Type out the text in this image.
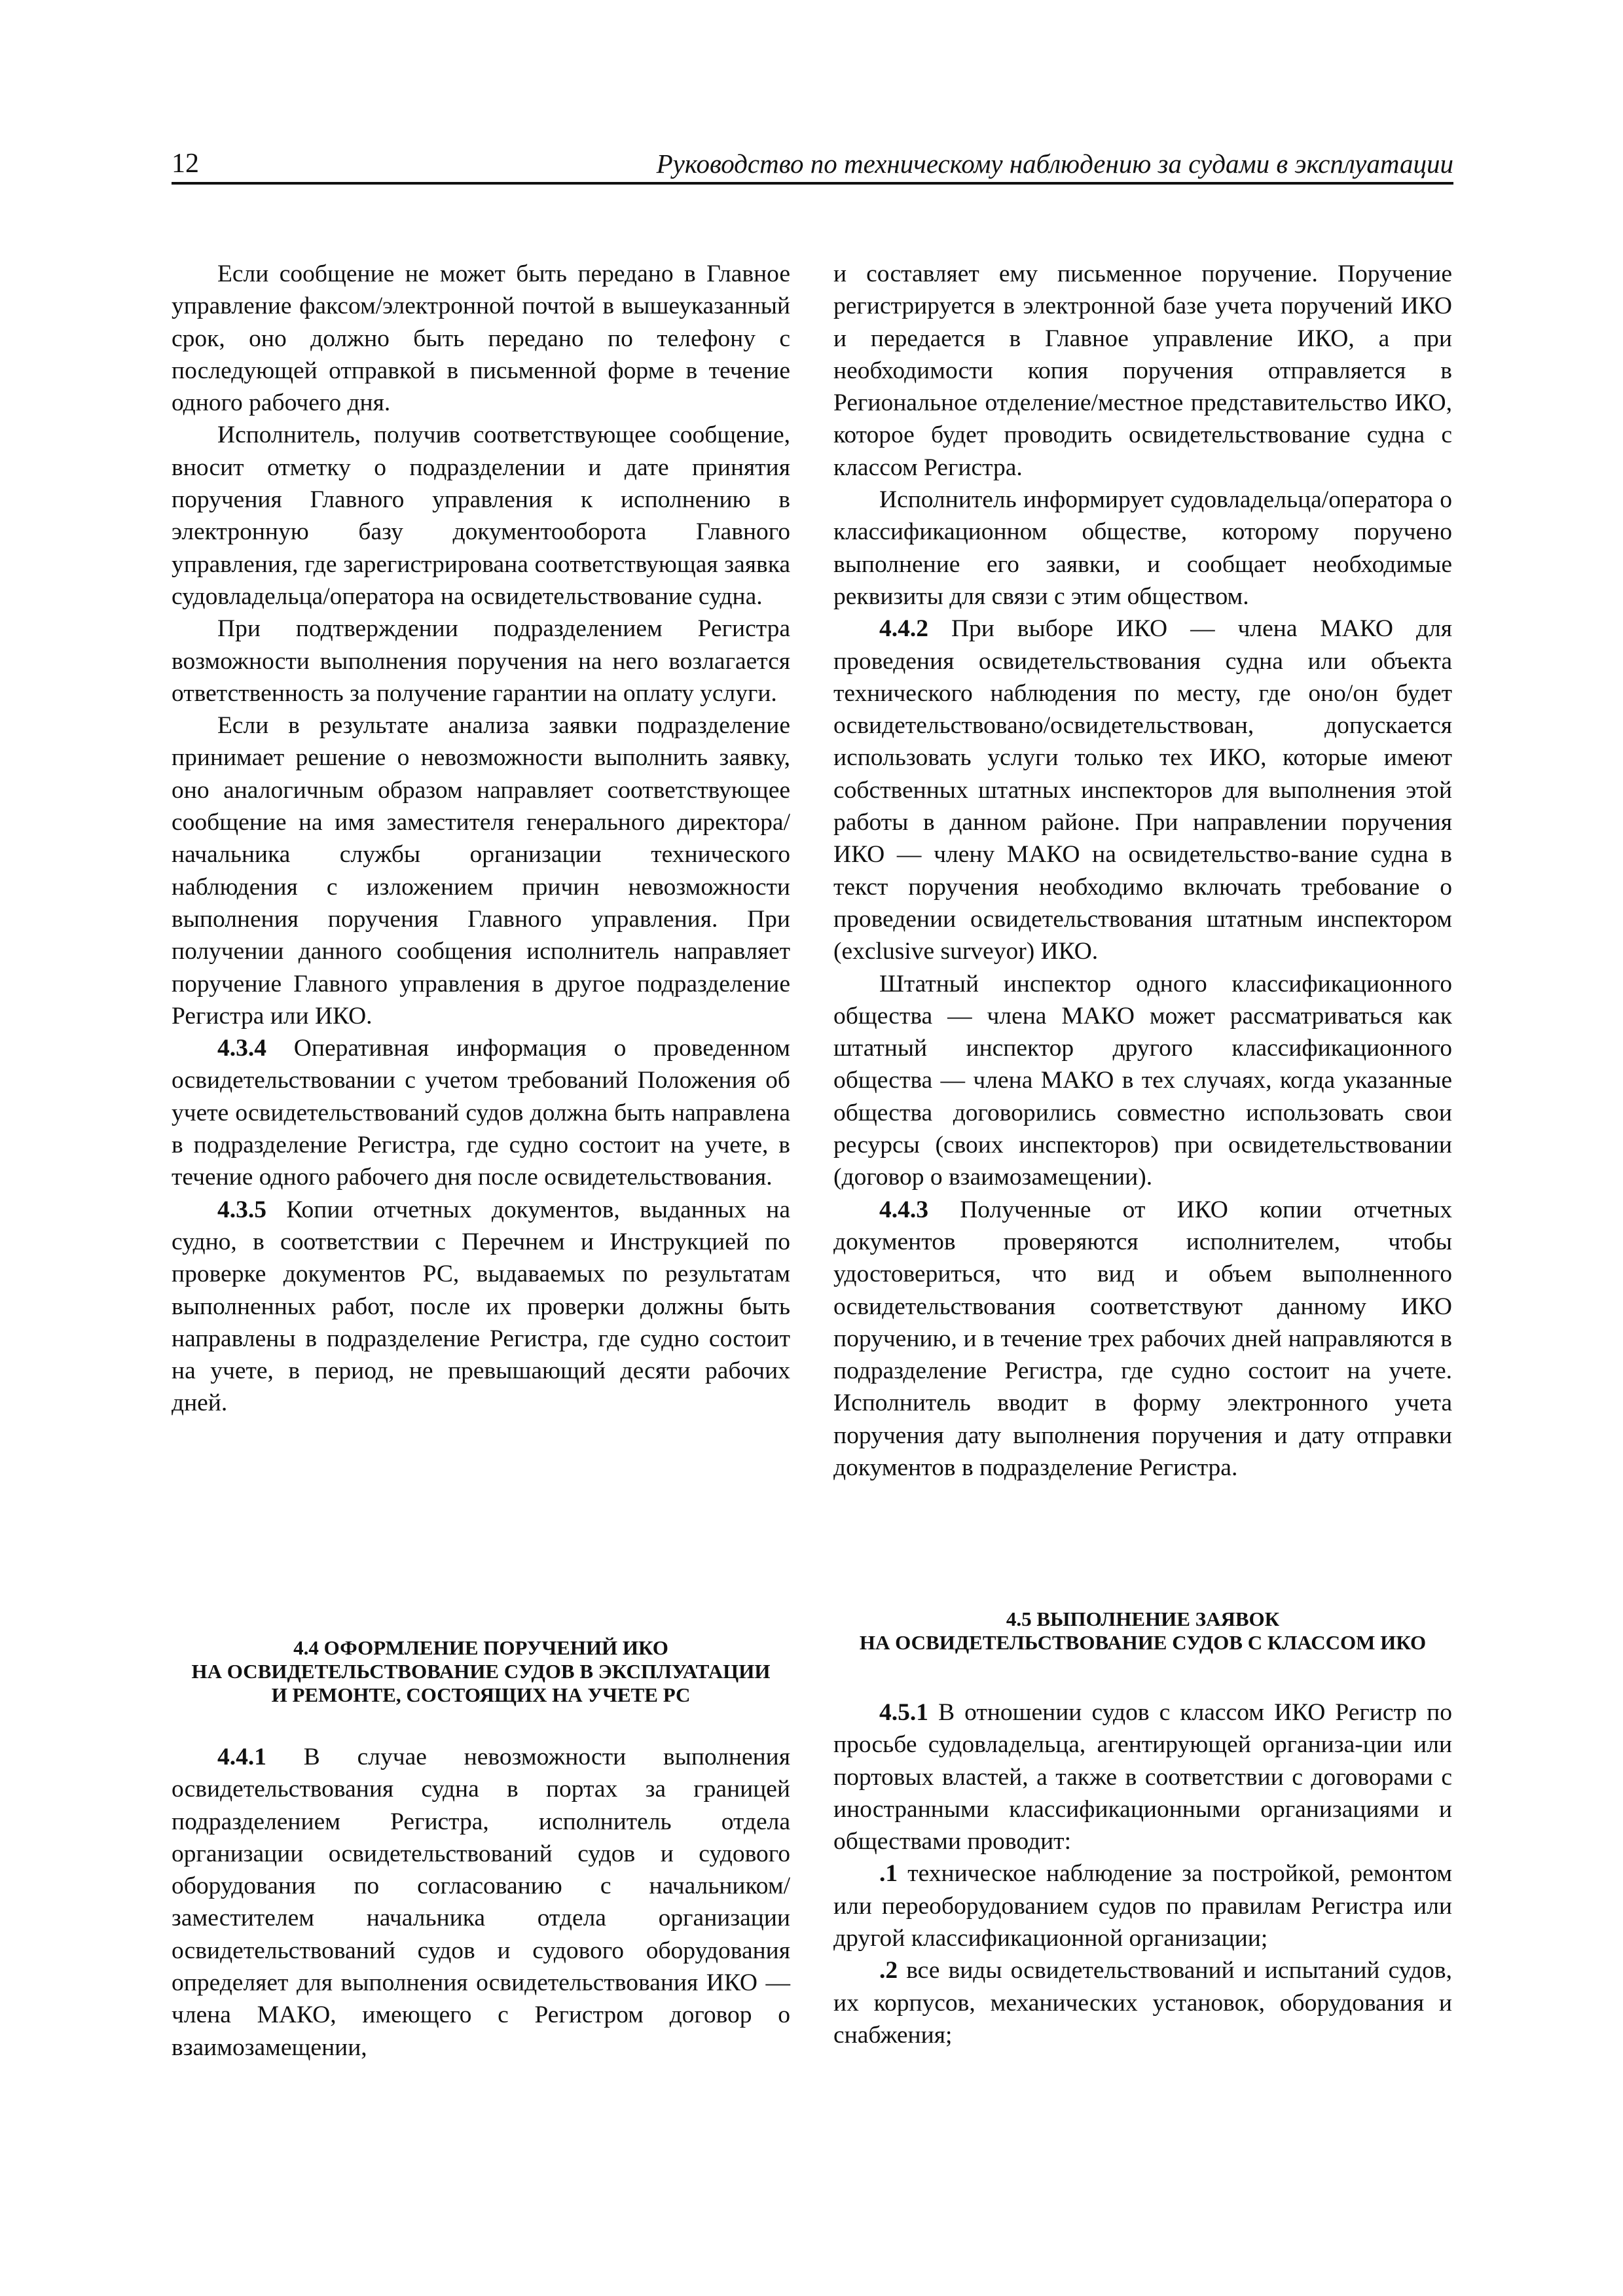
12	Руководство по техническому наблюдению за судами в эксплуатации

Если сообщение не может быть передано в Главное управление факсом/электронной почтой в вышеуказанный срок, оно должно быть передано по телефону с последующей отправкой в письменной форме в течение одного рабочего дня.

Исполнитель, получив соответствующее сообщение, вносит отметку о подразделении и дате принятия поручения Главного управления к исполнению в электронную базу документооборота Главного управления, где зарегистрирована соответствующая заявка судовладельца/оператора на освидетельствование судна.

При подтверждении подразделением Регистра возможности выполнения поручения на него возлагается ответственность за получение гарантии на оплату услуги.

Если в результате анализа заявки подразделение принимает решение о невозможности выполнить заявку, оно аналогичным образом направляет соответствующее сообщение на имя заместителя генерального директора/начальника службы организации технического наблюдения с изложением причин невозможности выполнения поручения Главного управления. При получении данного сообщения исполнитель направляет поручение Главного управления в другое подразделение Регистра или ИКО.

4.3.4 Оперативная информация о проведенном освидетельствовании с учетом требований Положения об учете освидетельствований судов должна быть направлена в подразделение Регистра, где судно состоит на учете, в течение одного рабочего дня после освидетельствования.

4.3.5 Копии отчетных документов, выданных на судно, в соответствии с Перечнем и Инструкцией по проверке документов РС, выдаваемых по результатам выполненных работ, после их проверки должны быть направлены в подразделение Регистра, где судно состоит на учете, в период, не превышающий десяти рабочих дней.

и составляет ему письменное поручение. Поручение регистрируется в электронной базе учета поручений ИКО и передается в Главное управление ИКО, а при необходимости копия поручения отправляется в Региональное отделение/местное представительство ИКО, которое будет проводить освидетельствование судна с классом Регистра.

Исполнитель информирует судовладельца/оператора о классификационном обществе, которому поручено выполнение его заявки, и сообщает необходимые реквизиты для связи с этим обществом.

4.4.2 При выборе ИКО — члена МАКО для проведения освидетельствования судна или объекта технического наблюдения по месту, где оно/он будет освидетельствовано/освидетельствован, допускается использовать услуги только тех ИКО, которые имеют собственных штатных инспекторов для выполнения этой работы в данном районе. При направлении поручения ИКО — члену МАКО на освидетельство-вание судна в текст поручения необходимо включать требование о проведении освидетельствования штатным инспектором (exclusive surveyor) ИКО.

Штатный инспектор одного классификационного общества — члена МАКО может рассматриваться как штатный инспектор другого классификационного общества — члена МАКО в тех случаях, когда указанные общества договорились совместно использовать свои ресурсы (своих инспекторов) при освидетельствовании (договор о взаимозамещении).

4.4.3 Полученные от ИКО копии отчетных документов проверяются исполнителем, чтобы удостовериться, что вид и объем выполненного освидетельствования соответствуют данному ИКО поручению, и в течение трех рабочих дней направляются в подразделение Регистра, где судно состоит на учете. Исполнитель вводит в форму электронного учета поручения дату выполнения поручения и дату отправки документов в подразделение Регистра.

4.4 ОФОРМЛЕНИЕ ПОРУЧЕНИЙ ИКО
НА ОСВИДЕТЕЛЬСТВОВАНИЕ СУДОВ В ЭКСПЛУАТАЦИИ
И РЕМОНТЕ, СОСТОЯЩИХ НА УЧЕТЕ РС

4.4.1 В случае невозможности выполнения освидетельствования судна в портах за границей подразделением Регистра, исполнитель отдела организации освидетельствований судов и судового оборудования по согласованию с начальником/заместителем начальника отдела организации освидетельствований судов и судового оборудования определяет для выполнения освидетельствования ИКО — члена МАКО, имеющего с Регистром договор о взаимозамещении,

4.5 ВЫПОЛНЕНИЕ ЗАЯВОК
НА ОСВИДЕТЕЛЬСТВОВАНИЕ СУДОВ С КЛАССОМ ИКО

4.5.1 В отношении судов с классом ИКО Регистр по просьбе судовладельца, агентирующей организа-ции или портовых властей, а также в соответствии с договорами с иностранными классификационными организациями и обществами проводит:

.1 техническое наблюдение за постройкой, ремонтом или переоборудованием судов по правилам Регистра или другой классификационной организации;

.2 все виды освидетельствований и испытаний судов, их корпусов, механических установок, оборудования и снабжения;
